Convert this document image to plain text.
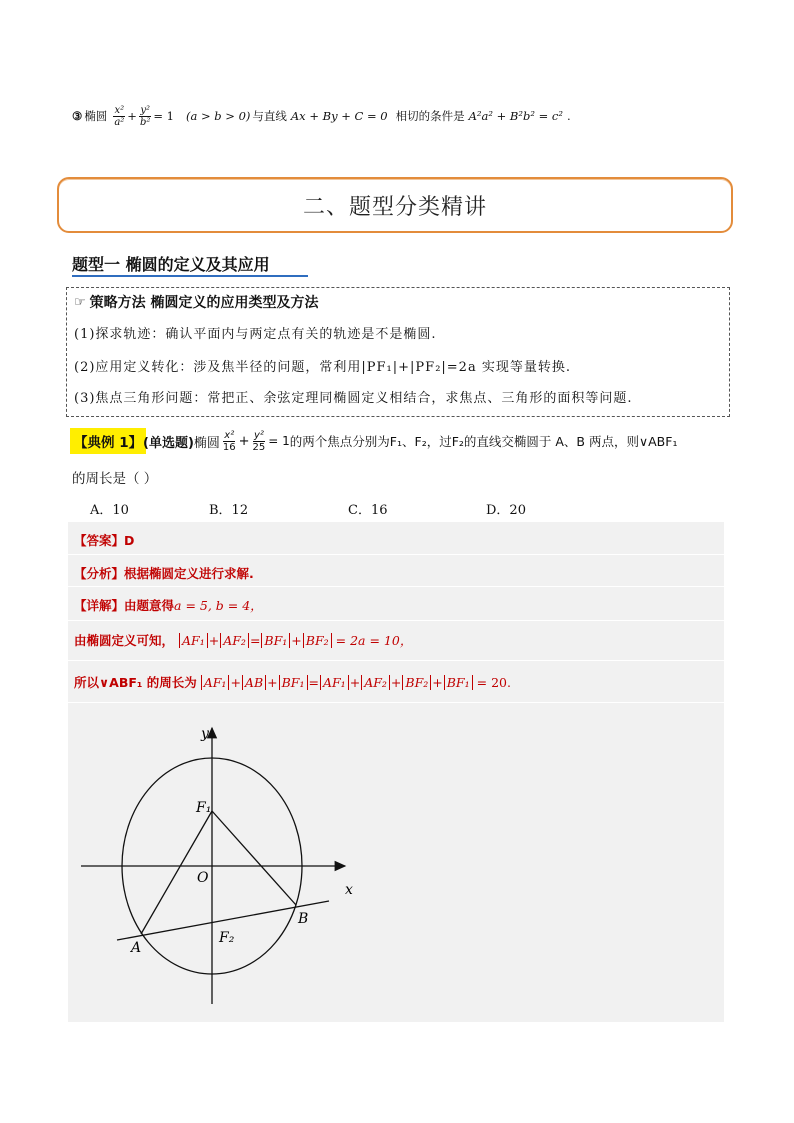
③ 椭圆 $\frac{\text{x²}}{\text{a²}} + \frac{\text{y²}}{\text{b²}} = 1$ (a > b > 0) 与直线 Ax + By + C = 0 相切的条件是 A²a² + B²b² = c² .
二、题型分类精讲
题型一 椭圆的定义及其应用
☞ 策略方法 椭圆定义的应用类型及方法
(1)探求轨迹：确认平面内与两定点有关的轨迹是不是椭圆.
(2)应用定义转化：涉及焦半径的问题，常利用|PF₁|+|PF₂|=2a 实现等量转换.
(3)焦点三角形问题：常把正、余弦定理同椭圆定义相结合，求焦点、三角形的面积等问题.
【典例 1】 (单选题) 椭圆 $\frac{\text{x²}}{16} + \frac{\text{y²}}{25} = 1$ 的两个焦点分别为F₁、F₂，过F₂的直线交椭圆于 A、B 两点，则∨ABF₁
的周长是（ ）
A．10	B．12	C．16	D．20
【答案】 D
【分析】 根据椭圆定义进行求解.
【详解】 由题意得 a = 5, b = 4，
由椭圆定义可知， AF₁ + AF₂ = BF₁ + BF₂ = 2a = 10，
所以∨ABF₁ 的周长为 AF₁ + AB + BF₁ = AF₁ + AF₂ + BF₂ + BF₁ = 20.
y
x
O
F₁
F₂
A
B
